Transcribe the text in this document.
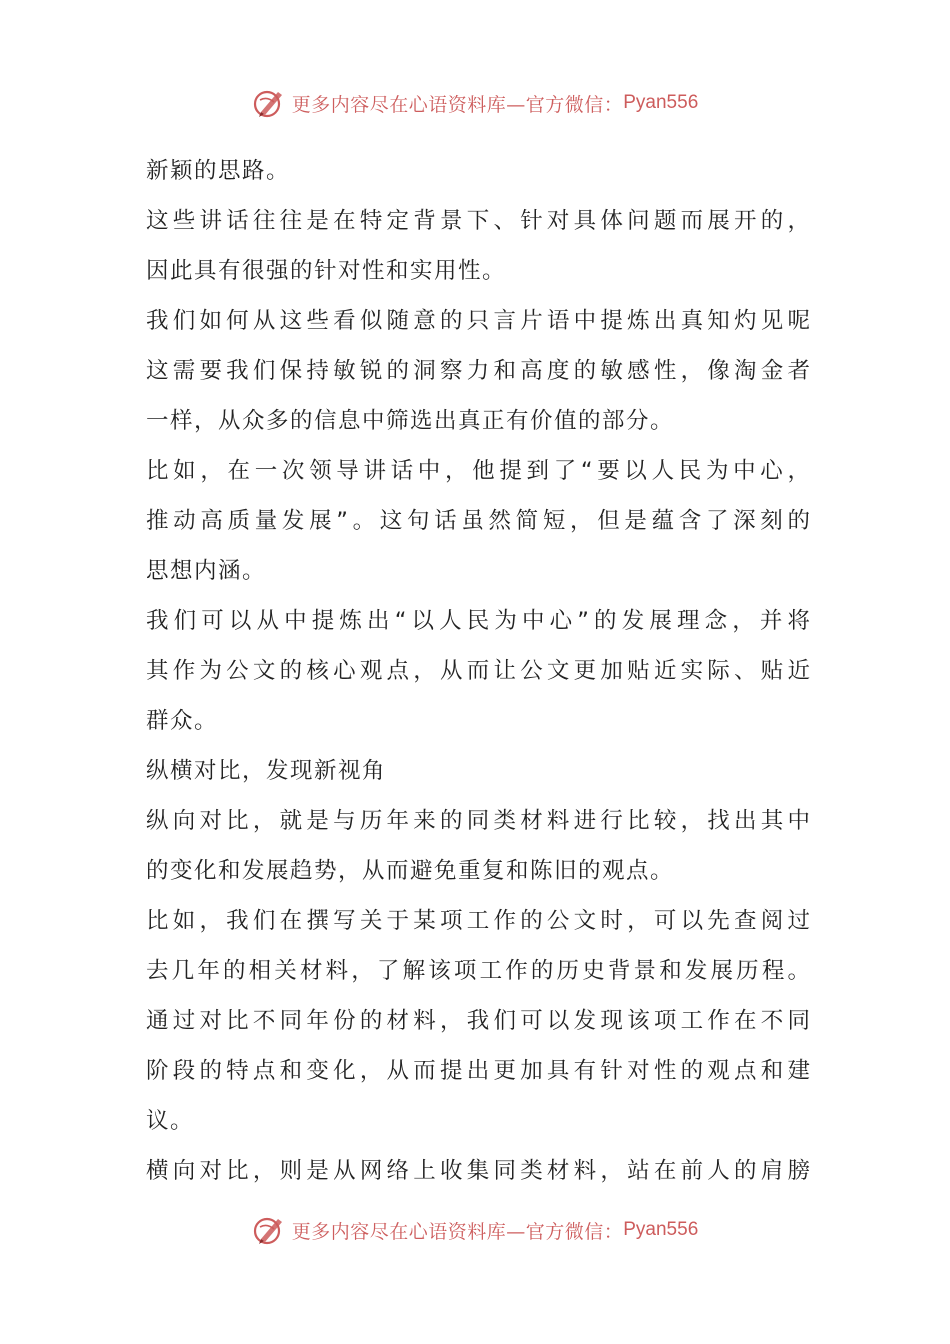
更多内容尽在心语资料库—官方微信： Pyan556
新颖的思路。
这些讲话往往是在特定背景下、针对具体问题而展开的，
因此具有很强的针对性和实用性。
我们如何从这些看似随意的只言片语中提炼出真知灼见呢
这需要我们保持敏锐的洞察力和高度的敏感性，像淘金者
一样，从众多的信息中筛选出真正有价值的部分。
比如，在一次领导讲话中，他提到了“要以人民为中心，
推动高质量发展”。这句话虽然简短，但是蕴含了深刻的
思想内涵。
我们可以从中提炼出“以人民为中心”的发展理念，并将
其作为公文的核心观点，从而让公文更加贴近实际、贴近
群众。
纵横对比，发现新视角
纵向对比，就是与历年来的同类材料进行比较，找出其中
的变化和发展趋势，从而避免重复和陈旧的观点。
比如，我们在撰写关于某项工作的公文时，可以先查阅过
去几年的相关材料，了解该项工作的历史背景和发展历程。
通过对比不同年份的材料，我们可以发现该项工作在不同
阶段的特点和变化，从而提出更加具有针对性的观点和建
议。
横向对比，则是从网络上收集同类材料，站在前人的肩膀
更多内容尽在心语资料库—官方微信： Pyan556
